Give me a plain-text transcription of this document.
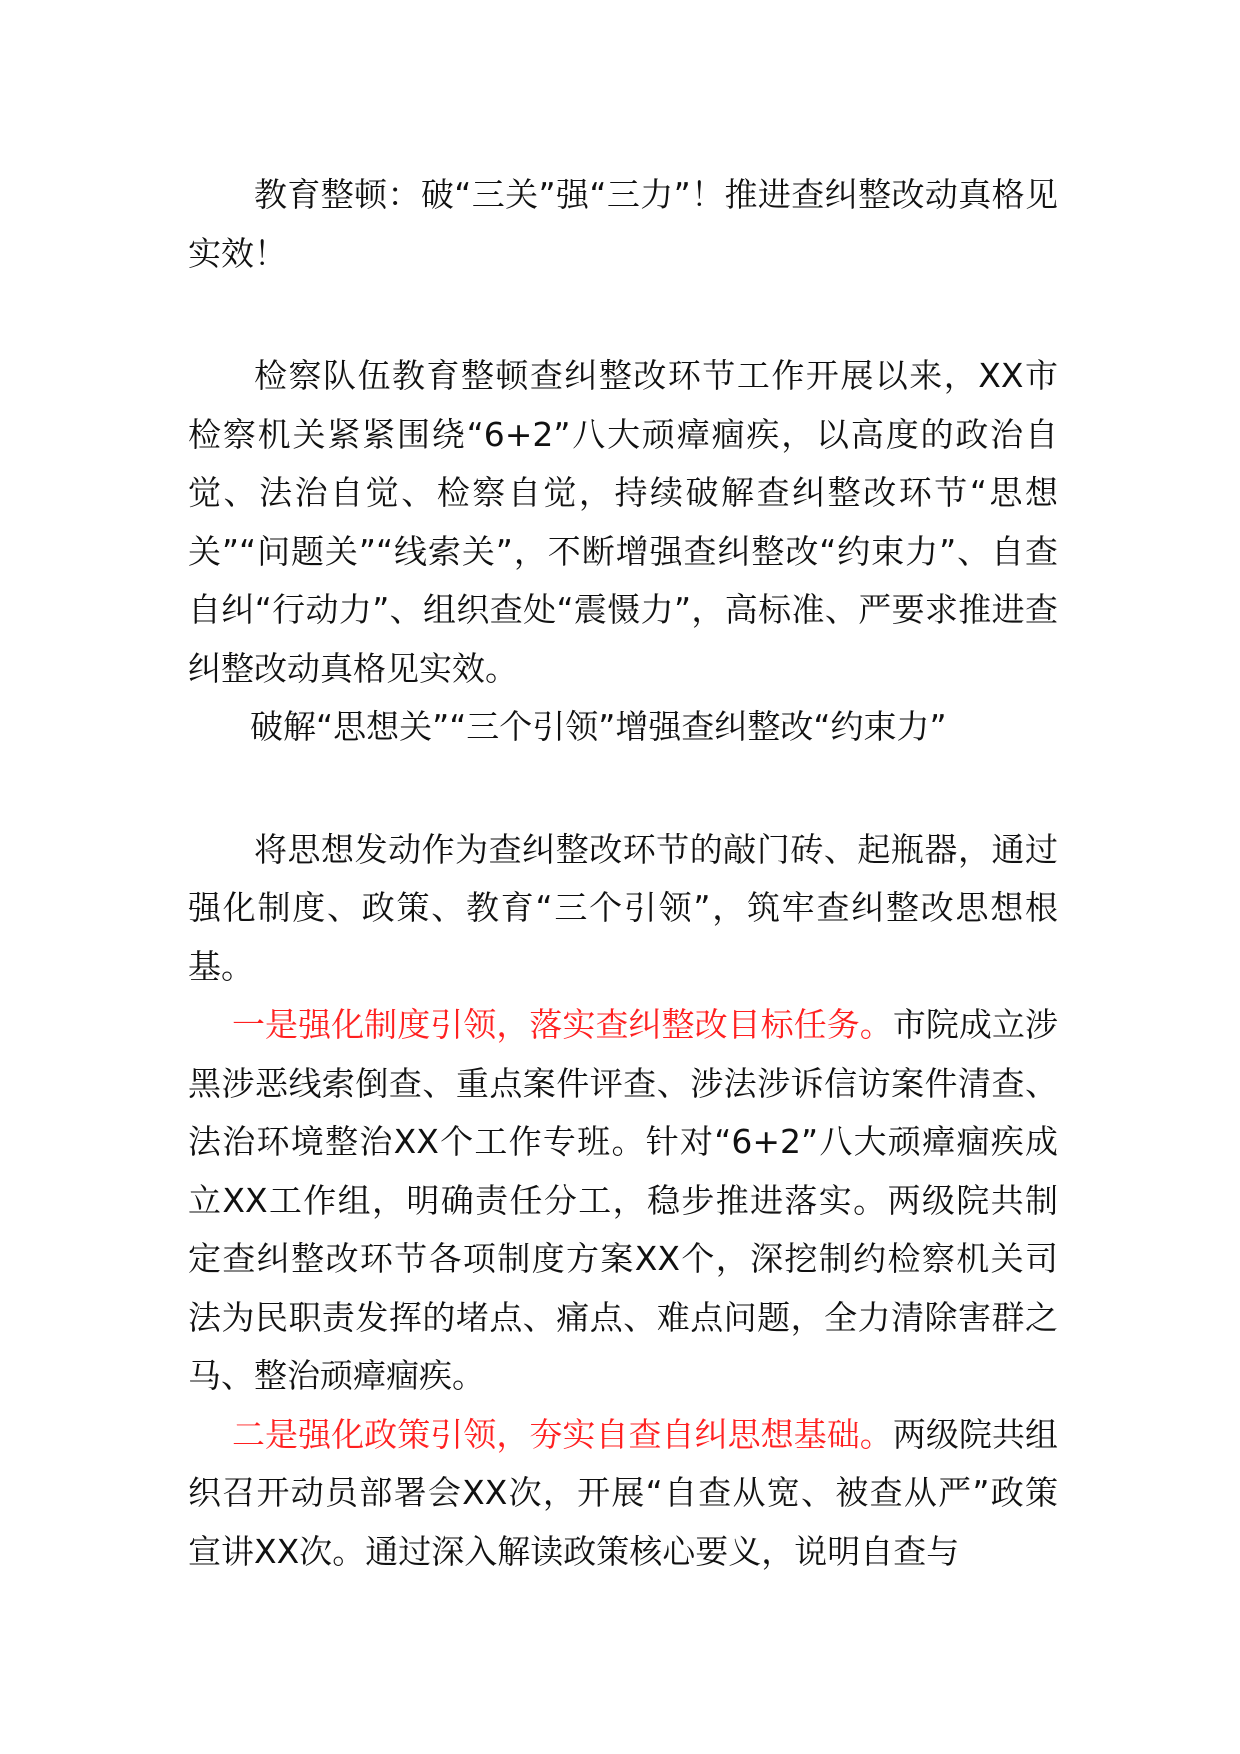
教育整顿：破“三关”强“三力”！推进查纠整改动真格见实效！

检察队伍教育整顿查纠整改环节工作开展以来，XX市检察机关紧紧围绕“6+2”八大顽瘴痼疾，以高度的政治自觉、法治自觉、检察自觉，持续破解查纠整改环节“思想关”“问题关”“线索关”，不断增强查纠整改“约束力”、自查自纠“行动力”、组织查处“震慑力”，高标准、严要求推进查纠整改动真格见实效。

破解“思想关”“三个引领”增强查纠整改“约束力”

将思想发动作为查纠整改环节的敲门砖、起瓶器，通过强化制度、政策、教育“三个引领”，筑牢查纠整改思想根基。

一是强化制度引领，落实查纠整改目标任务。市院成立涉黑涉恶线索倒查、重点案件评查、涉法涉诉信访案件清查、法治环境整治XX个工作专班。针对“6+2”八大顽瘴痼疾成立XX工作组，明确责任分工，稳步推进落实。两级院共制定查纠整改环节各项制度方案XX个，深挖制约检察机关司法为民职责发挥的堵点、痛点、难点问题，全力清除害群之马、整治顽瘴痼疾。

二是强化政策引领，夯实自查自纠思想基础。两级院共组织召开动员部署会XX次，开展“自查从宽、被查从严”政策宣讲XX次。通过深入解读政策核心要义，说明自查与
